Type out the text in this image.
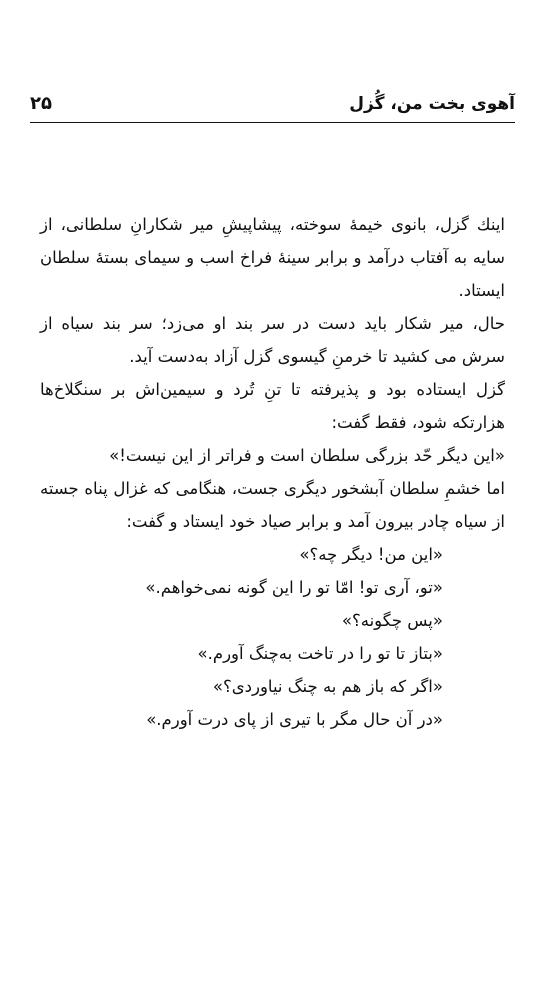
آهوی بخت من، گُزل
۲۵

اینك گزل، بانوی خیمهٔ سوخته، پیشاپیشِ میر شکارانِ سلطانی، از سایه به آفتاب درآمد و برابر سینهٔ فراخ اسب و سیمای بستهٔ سلطان ایستاد.

حال، میر شکار باید دست در سر بند او می‌زد؛ سر بند سیاه از سرش می کشید تا خرمنِ گیسوی گزل آزاد به‌دست آید.

گزل ایستاده بود و پذیرفته تا تنِ تُرد و سیمین‌اش بر سنگلاخ‌ها هزارتکه شود، فقط گفت:

«این دیگر حّد بزرگی سلطان است و فراتر از این نیست!»

اما خشمِ سلطان آبشخور دیگری جست، هنگامی که غزال پناه جسته از سیاه چادر بیرون آمد و برابر صیاد خود ایستاد و گفت:

«این من! دیگر چه؟»

«تو، آری تو! امّا تو را این گونه نمی‌خواهم.»

«پس چگونه؟»

«بتاز تا تو را در تاخت به‌چنگ آورم.»

«اگر که باز هم به چنگ نیاوردی؟»

«در آن حال مگر با تیری از پای درت آورم.»
